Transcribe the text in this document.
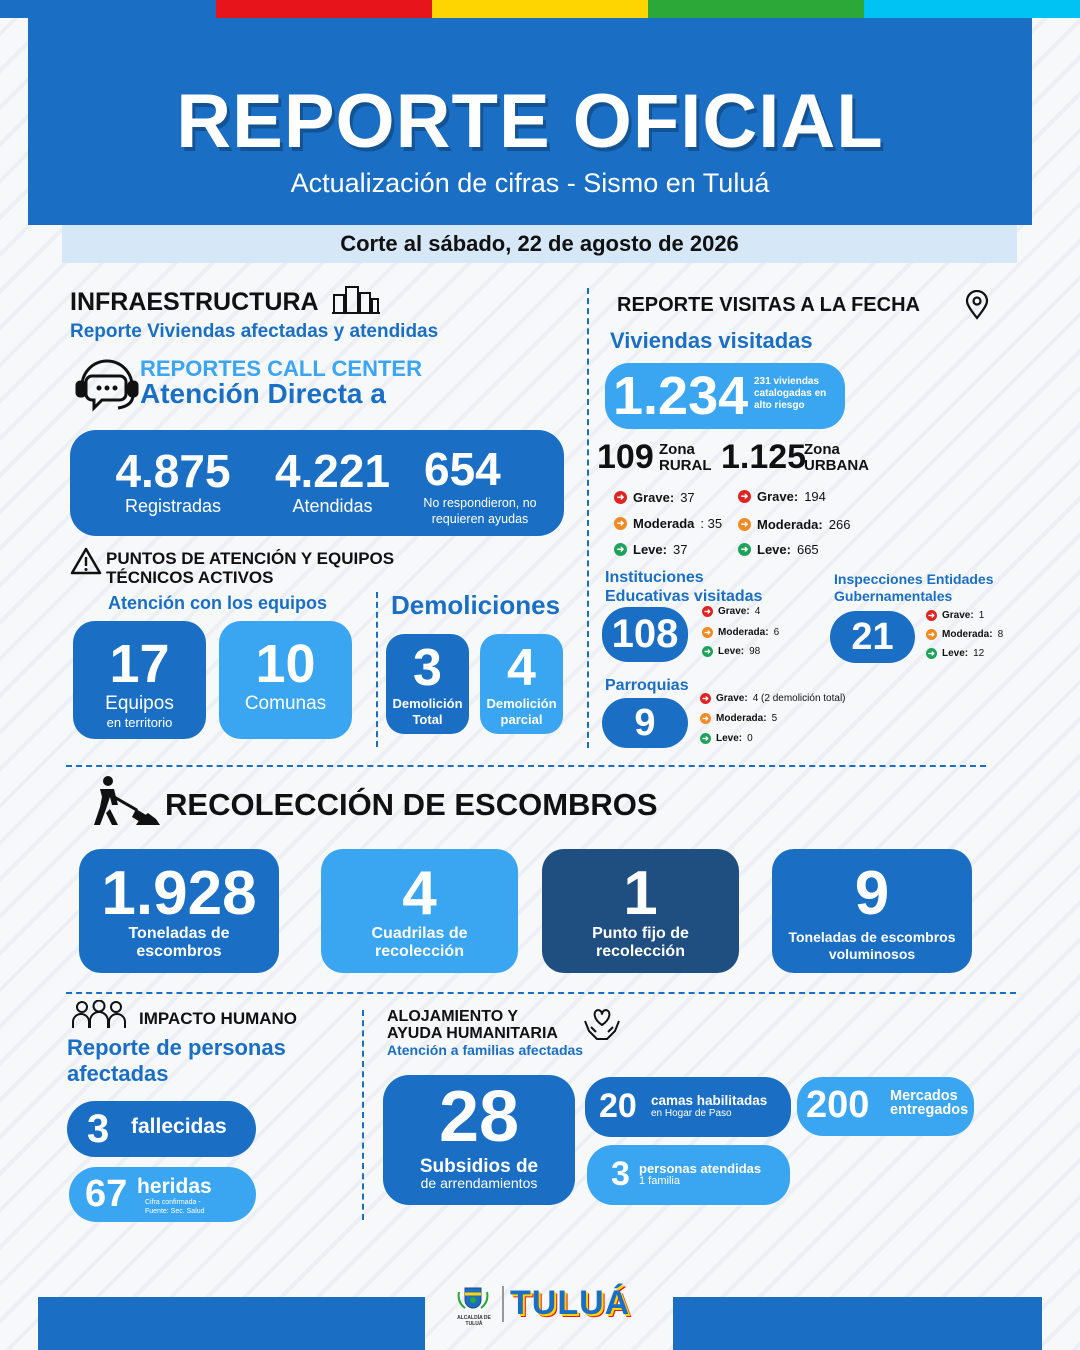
REPORTE OFICIAL
Actualización de cifras - Sismo en Tuluá
Corte al sábado, 22 de agosto de 2026
INFRAESTRUCTURA
Reporte Viviendas afectadas y atendidas
REPORTES CALL CENTER
Atención Directa a
4.875
Registradas
4.221
Atendidas
654
No respondieron, no requieren ayudas
PUNTOS DE ATENCIÓN Y EQUIPOS TÉCNICOS ACTIVOS
Atención con los equipos
17
Equipos
en territorio
10
Comunas
Demoliciones
3
Demolición Total
4
Demolición parcial
REPORTE VISITAS A LA FECHA
Viviendas visitadas
1.234 231 viviendas catalogadas en alto riesgo
109 Zona
RURAL 1.125
Zona
URBANA
➜ Grave: 37
➜ Moderada : 35
➜ Leve: 37
➜ Grave: 194
➜ Moderada: 266
➜ Leve: 665
Instituciones
Educativas visitadas
108
➜ Grave: 4
➜ Moderada: 6
➜ Leve: 98
Inspecciones Entidades
Gubernamentales
21
➜ Grave: 1
➜ Moderada: 8
➜ Leve: 12
Parroquias
9
➜ Grave: 4 (2 demolición total)
➜ Moderada: 5
➜ Leve: 0
RECOLECCIÓN DE ESCOMBROS
1.928
Toneladas de escombros
4
Cuadrilas de recolección
1
Punto fijo de recolección
9
Toneladas de escombros voluminosos
IMPACTO HUMANO
Reporte de personas
afectadas
3 fallecidas
67 heridas
Cifra confirmada -
Fuente: Sec. Salud
ALOJAMIENTO Y
AYUDA HUMANITARIA
Atención a familias afectadas
28
Subsidios de
de arrendamientos
20 camas habilitadas
en Hogar de Paso 200 Mercados
entregados
3 personas atendidas
1 familia
ALCALDÍA DE TULUÁ
TULUÁ
